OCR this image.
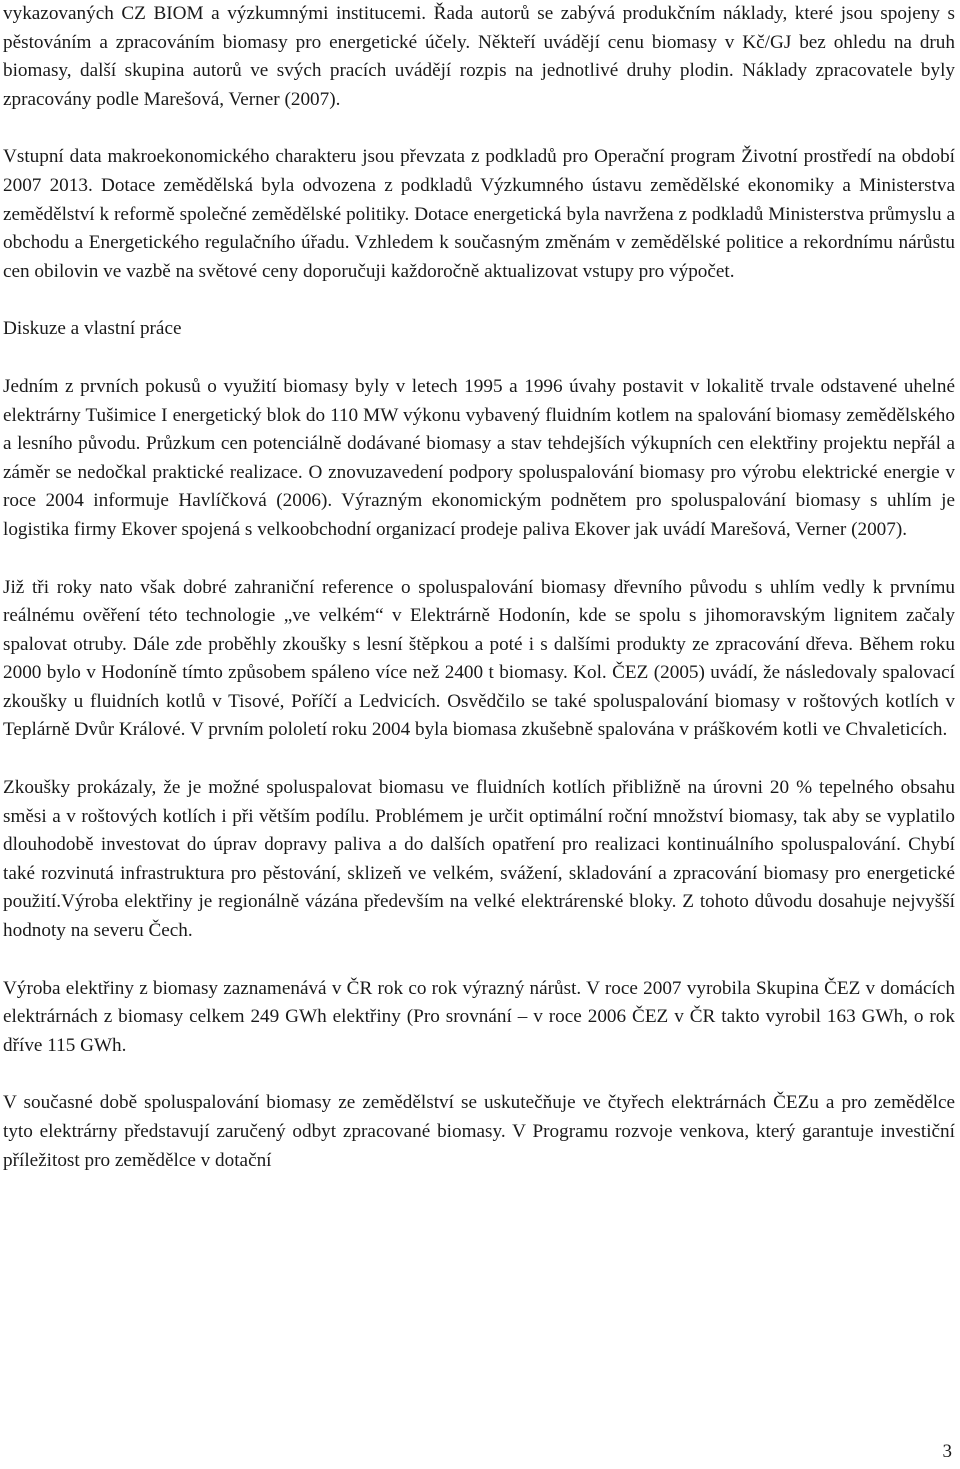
vykazovaných CZ BIOM a výzkumnými institucemi. Řada autorů se zabývá produkčním náklady, které jsou spojeny s pěstováním a zpracováním biomasy pro energetické účely. Někteří uvádějí cenu biomasy v Kč/GJ bez ohledu na druh biomasy, další skupina autorů ve svých pracích uvádějí rozpis na jednotlivé druhy plodin. Náklady zpracovatele byly zpracovány podle Marešová, Verner (2007).

Vstupní data makroekonomického charakteru jsou převzata z podkladů pro Operační program Životní prostředí na období 2007 2013. Dotace zemědělská byla odvozena z podkladů Výzkumného ústavu zemědělské ekonomiky a Ministerstva zemědělství k reformě společné zemědělské politiky. Dotace energetická byla navržena z podkladů Ministerstva průmyslu a obchodu a Energetického regulačního úřadu. Vzhledem k současným změnám v zemědělské politice a rekordnímu nárůstu cen obilovin ve vazbě na světové ceny doporučuji každoročně aktualizovat vstupy pro výpočet.

Diskuze a vlastní práce

Jedním z prvních pokusů o využití biomasy byly v letech 1995 a 1996 úvahy postavit v lokalitě trvale odstavené uhelné elektrárny Tušimice I energetický blok do 110 MW výkonu vybavený fluidním kotlem na spalování biomasy zemědělského a lesního původu. Průzkum cen potenciálně dodávané biomasy a stav tehdejších výkupních cen elektřiny projektu nepřál a záměr se nedočkal praktické realizace. O znovuzavedení podpory spoluspalování biomasy pro výrobu elektrické energie v roce 2004 informuje Havlíčková (2006). Výrazným ekonomickým podnětem pro spoluspalování biomasy s uhlím je logistika firmy Ekover spojená s velkoobchodní organizací prodeje paliva Ekover jak uvádí Marešová, Verner (2007).

Již tři roky nato však dobré zahraniční reference o spoluspalování biomasy dřevního původu s uhlím vedly k prvnímu reálnému ověření této technologie „ve velkém“ v Elektrárně Hodonín, kde se spolu s jihomoravským lignitem začaly spalovat otruby. Dále zde proběhly zkoušky s lesní štěpkou a poté i s dalšími produkty ze zpracování dřeva. Během roku 2000 bylo v Hodoníně tímto způsobem spáleno více než 2400 t biomasy. Kol. ČEZ (2005) uvádí, že následovaly spalovací zkoušky u fluidních kotlů v Tisové, Poříčí a Ledvicích. Osvědčilo se také spoluspalování biomasy v roštových kotlích v Teplárně Dvůr Králové. V prvním pololetí roku 2004 byla biomasa zkušebně spalována v práškovém kotli ve Chvaleticích.

Zkoušky prokázaly, že je možné spoluspalovat biomasu ve fluidních kotlích přibližně na úrovni 20 % tepelného obsahu směsi a v roštových kotlích i při větším podílu. Problémem je určit optimální roční množství biomasy, tak aby se vyplatilo dlouhodobě investovat do úprav dopravy paliva a do dalších opatření pro realizaci kontinuálního spoluspalování. Chybí také rozvinutá infrastruktura pro pěstování, sklizeň ve velkém, svážení, skladování a zpracování biomasy pro energetické použití.Výroba elektřiny je regionálně vázána především na velké elektrárenské bloky. Z tohoto důvodu dosahuje nejvyšší hodnoty na severu Čech.

Výroba elektřiny z biomasy zaznamenává v ČR rok co rok výrazný nárůst. V roce 2007 vyrobila Skupina ČEZ v domácích elektrárnách z biomasy celkem 249 GWh elektřiny (Pro srovnání – v roce 2006 ČEZ v ČR takto vyrobil 163 GWh, o rok dříve 115 GWh.

V současné době spoluspalování biomasy ze zemědělství se uskutečňuje ve čtyřech elektrárnách ČEZu a pro zemědělce tyto elektrárny představují zaručený odbyt zpracované biomasy. V Programu rozvoje venkova, který garantuje investiční příležitost pro zemědělce v dotační

3
